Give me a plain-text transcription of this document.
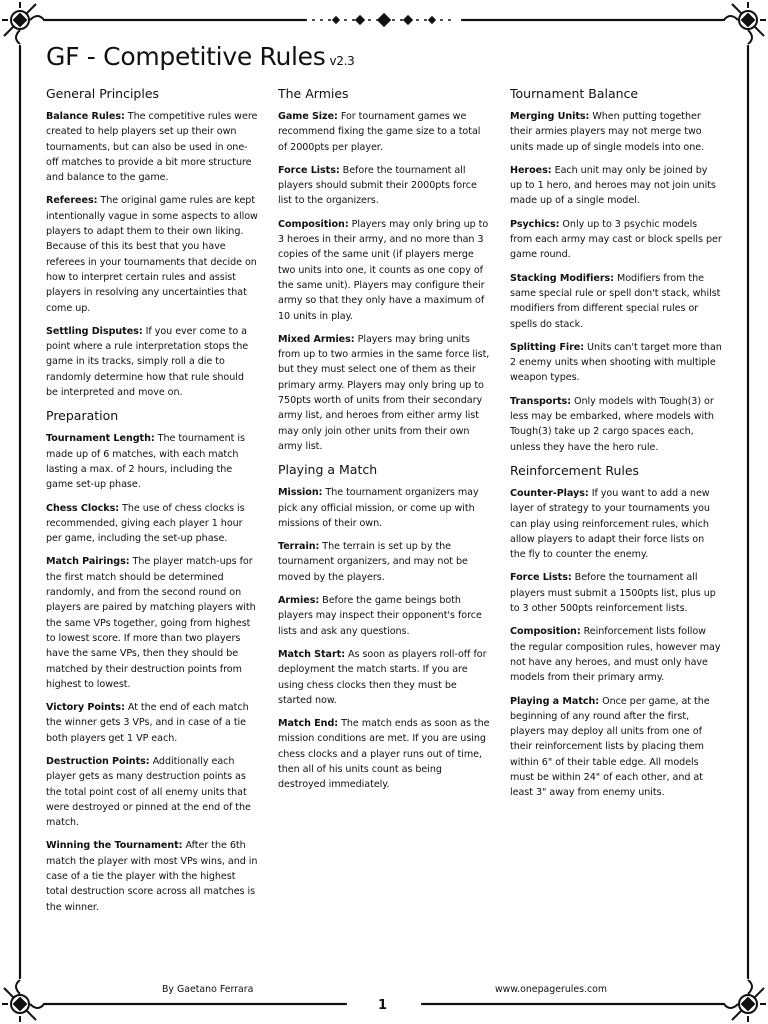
GF - Competitive Rules v2.3
General Principles

Balance Rules: The competitive rules were created to help players set up their own tournaments, but can also be used in one-off matches to provide a bit more structure and balance to the game.

Referees: The original game rules are kept intentionally vague in some aspects to allow players to adapt them to their own liking. Because of this its best that you have referees in your tournaments that decide on how to interpret certain rules and assist players in resolving any uncertainties that come up.

Settling Disputes: If you ever come to a point where a rule interpretation stops the game in its tracks, simply roll a die to randomly determine how that rule should be interpreted and move on.

Preparation

Tournament Length: The tournament is made up of 6 matches, with each match lasting a max. of 2 hours, including the game set-up phase.

Chess Clocks: The use of chess clocks is recommended, giving each player 1 hour per game, including the set-up phase.

Match Pairings: The player match-ups for the first match should be determined randomly, and from the second round on players are paired by matching players with the same VPs together, going from highest to lowest score. If more than two players have the same VPs, then they should be matched by their destruction points from highest to lowest.

Victory Points: At the end of each match the winner gets 3 VPs, and in case of a tie both players get 1 VP each.

Destruction Points: Additionally each player gets as many destruction points as the total point cost of all enemy units that were destroyed or pinned at the end of the match.

Winning the Tournament: After the 6th match the player with most VPs wins, and in case of a tie the player with the highest total destruction score across all matches is the winner.

The Armies

Game Size: For tournament games we recommend fixing the game size to a total of 2000pts per player.

Force Lists: Before the tournament all players should submit their 2000pts force list to the organizers.

Composition: Players may only bring up to 3 heroes in their army, and no more than 3 copies of the same unit (if players merge two units into one, it counts as one copy of the same unit). Players may configure their army so that they only have a maximum of 10 units in play.

Mixed Armies: Players may bring units from up to two armies in the same force list, but they must select one of them as their primary army. Players may only bring up to 750pts worth of units from their secondary army list, and heroes from either army list may only join other units from their own army list.

Playing a Match

Mission: The tournament organizers may pick any official mission, or come up with missions of their own.

Terrain: The terrain is set up by the tournament organizers, and may not be moved by the players.

Armies: Before the game beings both players may inspect their opponent's force lists and ask any questions.

Match Start: As soon as players roll-off for deployment the match starts. If you are using chess clocks then they must be started now.

Match End: The match ends as soon as the mission conditions are met. If you are using chess clocks and a player runs out of time, then all of his units count as being destroyed immediately.

Tournament Balance

Merging Units: When putting together their armies players may not merge two units made up of single models into one.

Heroes: Each unit may only be joined by up to 1 hero, and heroes may not join units made up of a single model.

Psychics: Only up to 3 psychic models from each army may cast or block spells per game round.

Stacking Modifiers: Modifiers from the same special rule or spell don't stack, whilst modifiers from different special rules or spells do stack.

Splitting Fire: Units can't target more than 2 enemy units when shooting with multiple weapon types.

Transports: Only models with Tough(3) or less may be embarked, where models with Tough(3) take up 2 cargo spaces each, unless they have the hero rule.

Reinforcement Rules

Counter-Plays: If you want to add a new layer of strategy to your tournaments you can play using reinforcement rules, which allow players to adapt their force lists on the fly to counter the enemy.

Force Lists: Before the tournament all players must submit a 1500pts list, plus up to 3 other 500pts reinforcement lists.

Composition: Reinforcement lists follow the regular composition rules, however may not have any heroes, and must only have models from their primary army.

Playing a Match: Once per game, at the beginning of any round after the first, players may deploy all units from one of their reinforcement lists by placing them within 6" of their table edge. All models must be within 24" of each other, and at least 3" away from enemy units.

By Gaetano Ferrara	www.onepagerules.com
1
